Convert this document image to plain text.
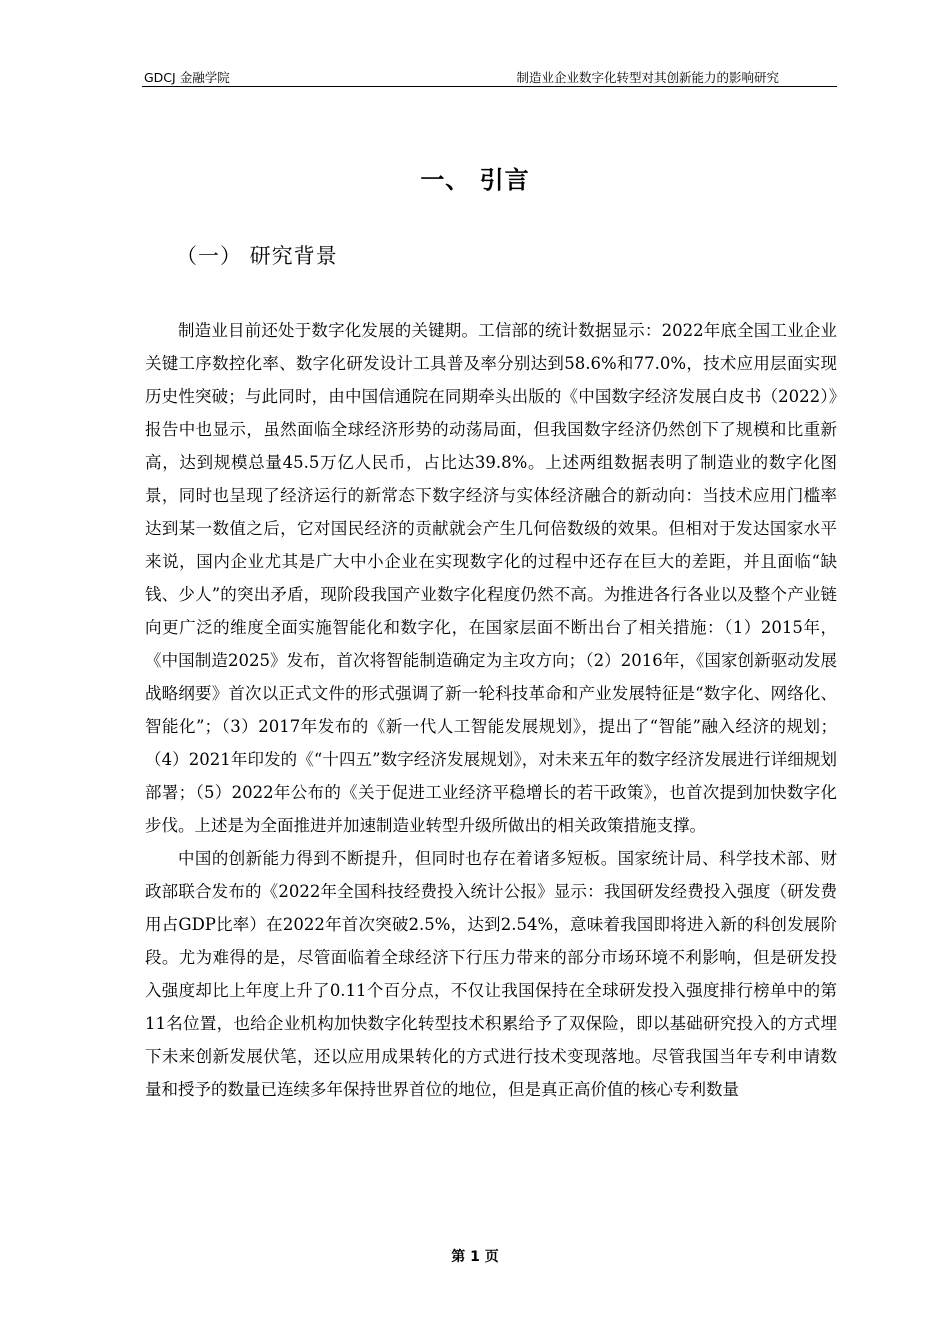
GDCJ 金融学院	制造业企业数字化转型对其创新能力的影响研究
一、 引言
（一） 研究背景

制造业目前还处于数字化发展的关键期。工信部的统计数据显示：2022年底全国工业企业关键工序数控化率、数字化研发设计工具普及率分别达到58.6%和77.0%，技术应用层面实现历史性突破；与此同时，由中国信通院在同期牵头出版的《中国数字经济发展白皮书（2022）》报告中也显示，虽然面临全球经济形势的动荡局面，但我国数字经济仍然创下了规模和比重新高，达到规模总量45.5万亿人民币，占比达39.8%。上述两组数据表明了制造业的数字化图景，同时也呈现了经济运行的新常态下数字经济与实体经济融合的新动向：当技术应用门槛率达到某一数值之后，它对国民经济的贡献就会产生几何倍数级的效果。但相对于发达国家水平来说，国内企业尤其是广大中小企业在实现数字化的过程中还存在巨大的差距，并且面临“缺钱、少人”的突出矛盾，现阶段我国产业数字化程度仍然不高。为推进各行各业以及整个产业链向更广泛的维度全面实施智能化和数字化，在国家层面不断出台了相关措施：（1）2015年，《中国制造2025》发布，首次将智能制造确定为主攻方向；（2）2016年，《国家创新驱动发展战略纲要》首次以正式文件的形式强调了新一轮科技革命和产业发展特征是“数字化、网络化、智能化”；（3）2017年发布的《新一代人工智能发展规划》，提出了“智能”融入经济的规划；（4）2021年印发的《“十四五”数字经济发展规划》，对未来五年的数字经济发展进行详细规划部署；（5）2022年公布的《关于促进工业经济平稳增长的若干政策》，也首次提到加快数字化步伐。上述是为全面推进并加速制造业转型升级所做出的相关政策措施支撑。

中国的创新能力得到不断提升，但同时也存在着诸多短板。国家统计局、科学技术部、财政部联合发布的《2022年全国科技经费投入统计公报》显示：我国研发经费投入强度（研发费用占GDP比率）在2022年首次突破2.5%，达到2.54%，意味着我国即将进入新的科创发展阶段。尤为难得的是，尽管面临着全球经济下行压力带来的部分市场环境不利影响，但是研发投入强度却比上年度上升了0.11个百分点，不仅让我国保持在全球研发投入强度排行榜单中的第11名位置，也给企业机构加快数字化转型技术积累给予了双保险，即以基础研究投入的方式埋下未来创新发展伏笔，还以应用成果转化的方式进行技术变现落地。尽管我国当年专利申请数量和授予的数量已连续多年保持世界首位的地位，但是真正高价值的核心专利数量

第 1 页
